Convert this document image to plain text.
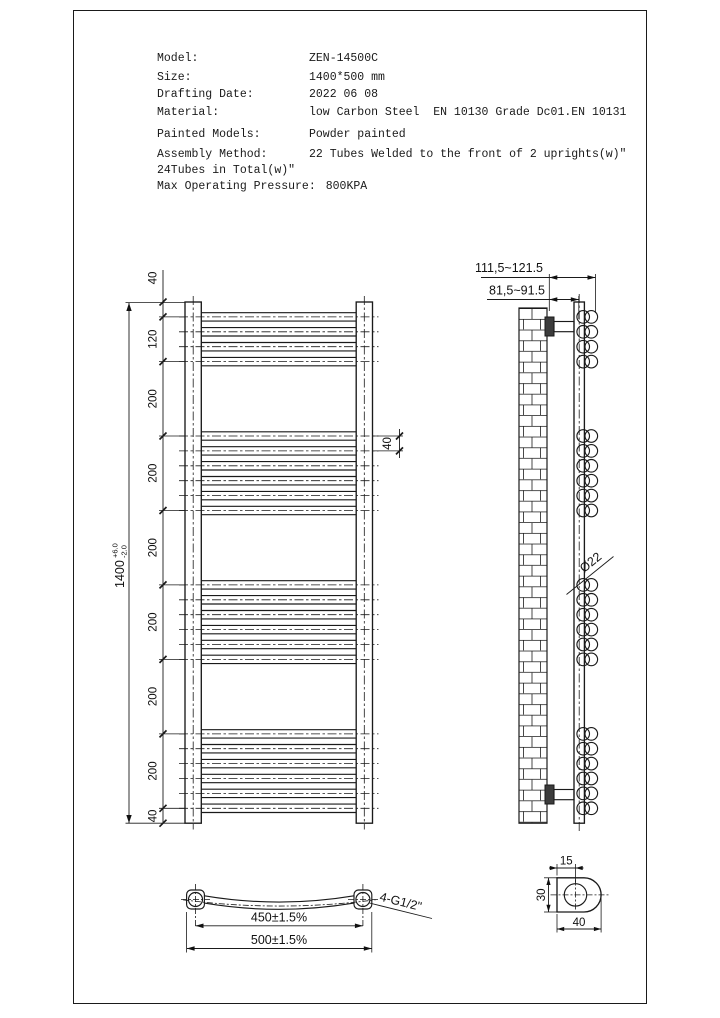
Model:	ZEN-14500C
Size:	1400*500 mm
Drafting Date:	2022 06 08
Material:	low Carbon Steel  EN 10130 Grade Dc01.EN 10131
Painted Models:	Powder painted
Assembly Method:	22 Tubes Welded to the front of 2 uprights(w)"
24Tubes in Total(w)"
Max Operating Pressure: 800KPA
1400
+6.0 -2.0
40
120
200
200
200
200
200
200
40
40
111,5~121.5
81,5~91.5
Ø22
450±1.5%
500±1.5%
4-G1/2"
15
30
40
